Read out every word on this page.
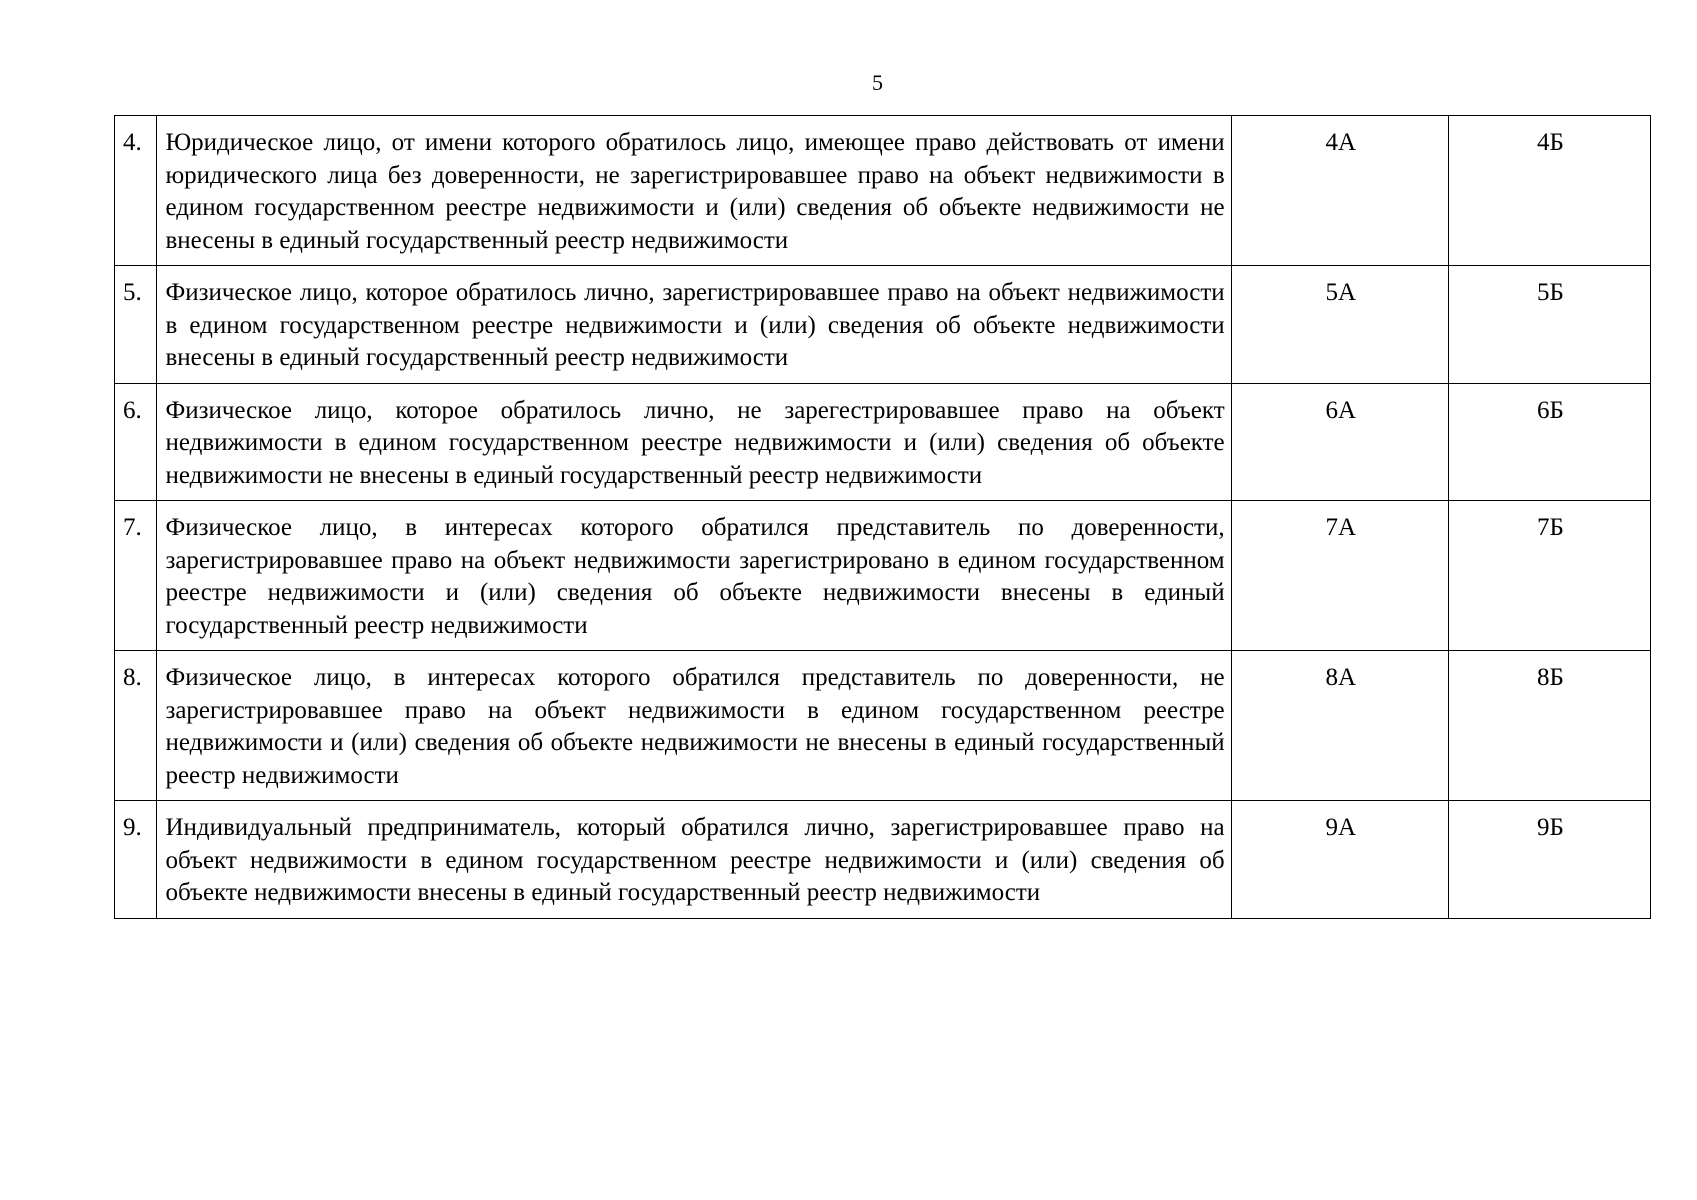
5
4.	Юридическое лицо, от имени которого обратилось лицо, имеющее право действовать от имени юридического лица без доверенности, не зарегистрировавшее право на объект недвижимости в едином государственном реестре недвижимости и (или) сведения об объекте недвижимости не внесены в единый государственный реестр недвижимости	4А	4Б
5.	Физическое лицо, которое обратилось лично, зарегистрировавшее право на объект недвижимости в едином государственном реестре недвижимости и (или) сведения об объекте недвижимости внесены в единый государственный реестр недвижимости	5А	5Б
6.	Физическое лицо, которое обратилось лично, не зарегестрировавшее право на объект недвижимости в едином государственном реестре недвижимости и (или) сведения об объекте недвижимости не внесены в единый государственный реестр недвижимости	6А	6Б
7.	Физическое лицо, в интересах которого обратился представитель по доверенности, зарегистрировавшее право на объект недвижимости зарегистрировано в едином государственном реестре недвижимости и (или) сведения об объекте недвижимости внесены в единый государственный реестр недвижимости	7А	7Б
8.	Физическое лицо, в интересах которого обратился представитель по доверенности, не зарегистрировавшее право на объект недвижимости в едином государственном реестре недвижимости и (или) сведения об объекте недвижимости не внесены в единый государственный реестр недвижимости	8А	8Б
9.	Индивидуальный предприниматель, который обратился лично, зарегистрировавшее право на объект недвижимости в едином государственном реестре недвижимости и (или) сведения об объекте недвижимости внесены в единый государственный реестр недвижимости	9А	9Б
